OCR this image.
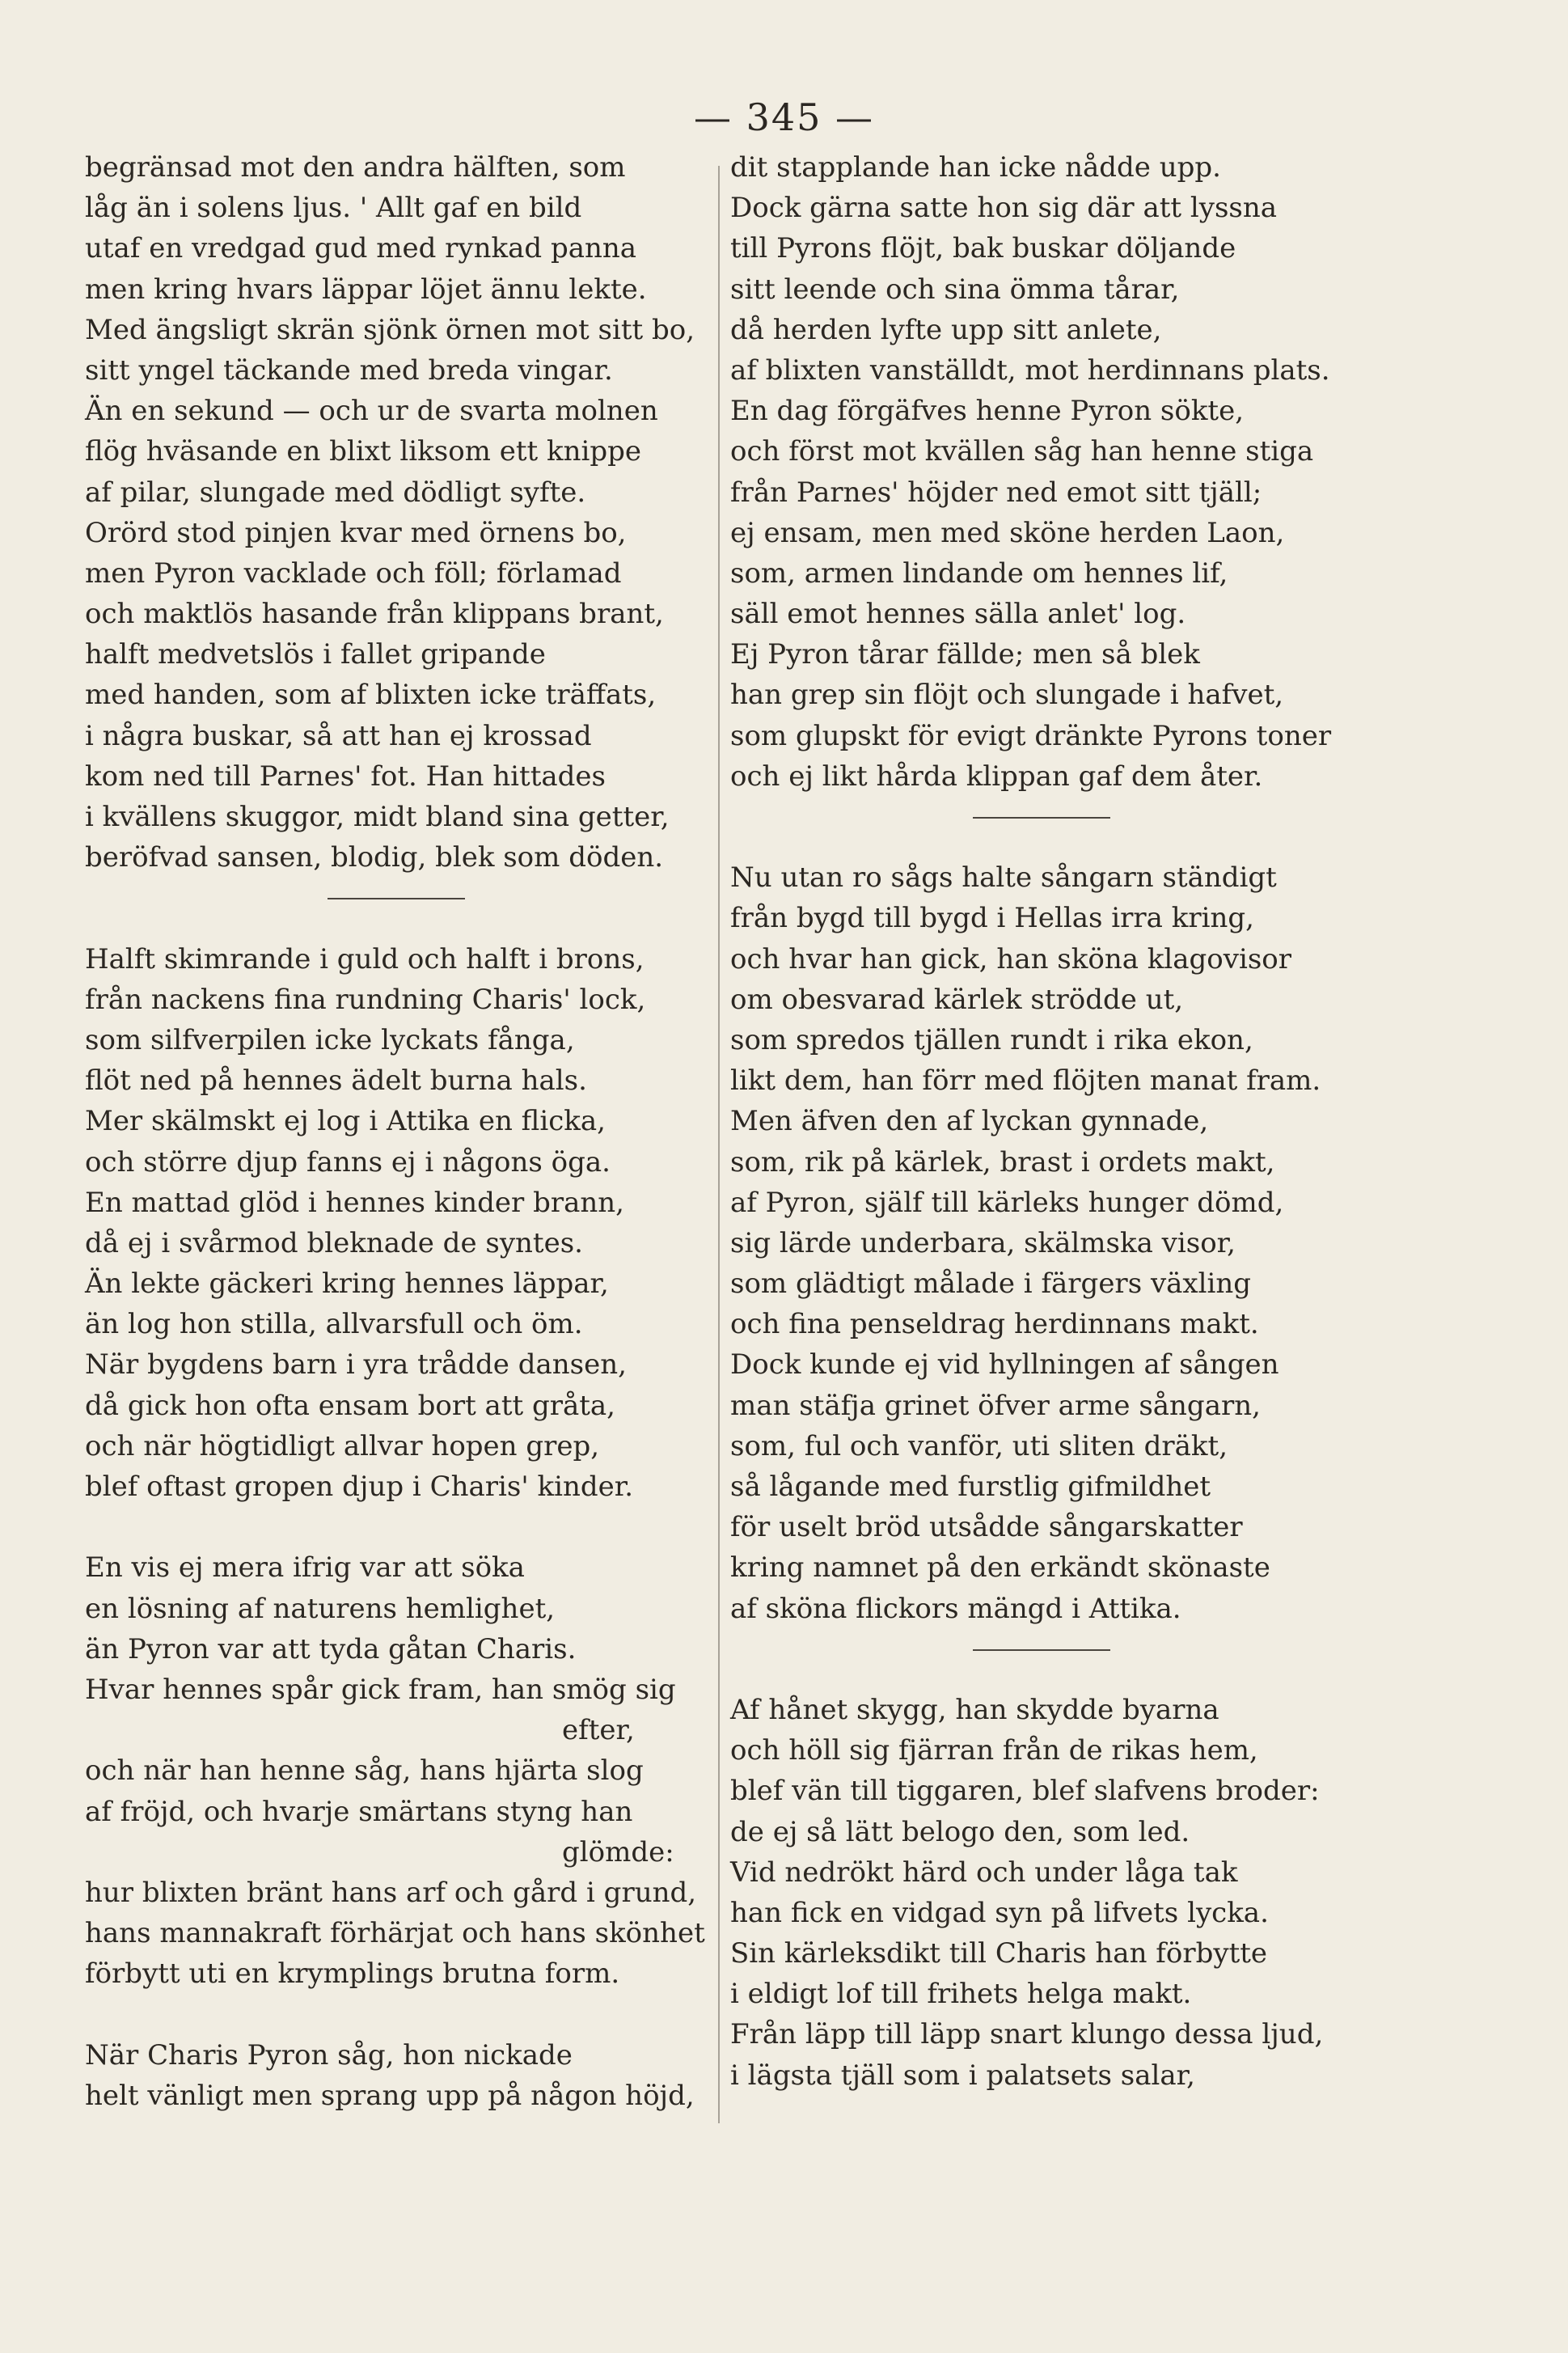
— 345 —
begränsad mot den andra hälften, som
låg än i solens ljus. ' Allt gaf en bild
utaf en vredgad gud med rynkad panna
men kring hvars läppar löjet ännu lekte.
Med ängsligt skrän sjönk örnen mot sitt bo,
sitt yngel täckande med breda vingar.
Än en sekund — och ur de svarta molnen
flög hväsande en blixt liksom ett knippe
af pilar, slungade med dödligt syfte.
Orörd stod pinjen kvar med örnens bo,
men Pyron vacklade och föll; förlamad
och maktlös hasande från klippans brant,
halft medvetslös i fallet gripande
med handen, som af blixten icke träffats,
i några buskar, så att han ej krossad
kom ned till Parnes' fot. Han hittades
i kvällens skuggor, midt bland sina getter,
beröfvad sansen, blodig, blek som döden.
Halft skimrande i guld och halft i brons,
från nackens fina rundning Charis' lock,
som silfverpilen icke lyckats fånga,
flöt ned på hennes ädelt burna hals.
Mer skälmskt ej log i Attika en flicka,
och större djup fanns ej i någons öga.
En mattad glöd i hennes kinder brann,
då ej i svårmod bleknade de syntes.
Än lekte gäckeri kring hennes läppar,
än log hon stilla, allvarsfull och öm.
När bygdens barn i yra trådde dansen,
då gick hon ofta ensam bort att gråta,
och när högtidligt allvar hopen grep,
blef oftast gropen djup i Charis' kinder.
En vis ej mera ifrig var att söka
en lösning af naturens hemlighet,
än Pyron var att tyda gåtan Charis.
Hvar hennes spår gick fram, han smög sig
efter,
och när han henne såg, hans hjärta slog
af fröjd, och hvarje smärtans styng han
glömde:
hur blixten bränt hans arf och gård i grund,
hans mannakraft förhärjat och hans skönhet
förbytt uti en krymplings brutna form.
När Charis Pyron såg, hon nickade
helt vänligt men sprang upp på någon höjd,
dit stapplande han icke nådde upp.
Dock gärna satte hon sig där att lyssna
till Pyrons flöjt, bak buskar döljande
sitt leende och sina ömma tårar,
då herden lyfte upp sitt anlete,
af blixten vanställdt, mot herdinnans plats.
En dag förgäfves henne Pyron sökte,
och först mot kvällen såg han henne stiga
från Parnes' höjder ned emot sitt tjäll;
ej ensam, men med sköne herden Laon,
som, armen lindande om hennes lif,
säll emot hennes sälla anlet' log.
Ej Pyron tårar fällde; men så blek
han grep sin flöjt och slungade i hafvet,
som glupskt för evigt dränkte Pyrons toner
och ej likt hårda klippan gaf dem åter.
Nu utan ro sågs halte sångarn ständigt
från bygd till bygd i Hellas irra kring,
och hvar han gick, han sköna klagovisor
om obesvarad kärlek strödde ut,
som spredos tjällen rundt i rika ekon,
likt dem, han förr med flöjten manat fram.
Men äfven den af lyckan gynnade,
som, rik på kärlek, brast i ordets makt,
af Pyron, själf till kärleks hunger dömd,
sig lärde underbara, skälmska visor,
som glädtigt målade i färgers växling
och fina penseldrag herdinnans makt.
Dock kunde ej vid hyllningen af sången
man stäfja grinet öfver arme sångarn,
som, ful och vanför, uti sliten dräkt,
så lågande med furstlig gifmildhet
för uselt bröd utsådde sångarskatter
kring namnet på den erkändt skönaste
af sköna flickors mängd i Attika.
Af hånet skygg, han skydde byarna
och höll sig fjärran från de rikas hem,
blef vän till tiggaren, blef slafvens broder:
de ej så lätt belogo den, som led.
Vid nedrökt härd och under låga tak
han fick en vidgad syn på lifvets lycka.
Sin kärleksdikt till Charis han förbytte
i eldigt lof till frihets helga makt.
Från läpp till läpp snart klungo dessa ljud,
i lägsta tjäll som i palatsets salar,
